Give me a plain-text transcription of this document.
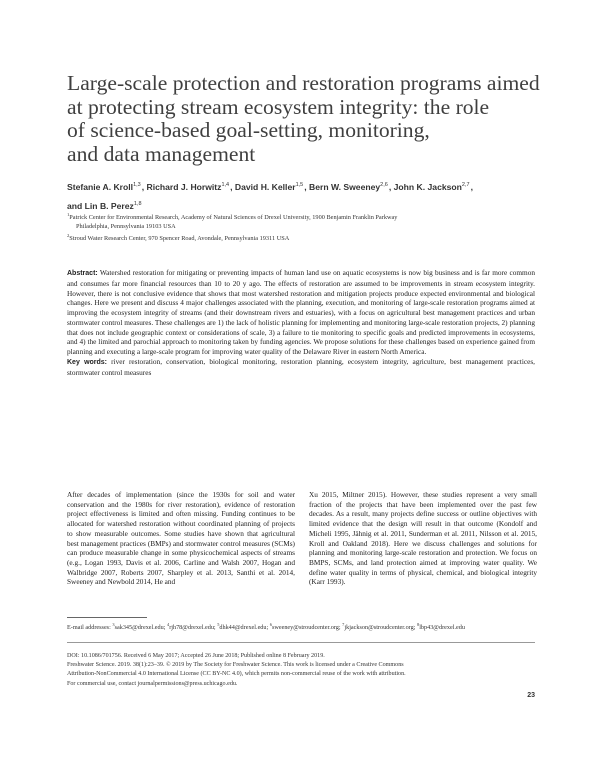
Large-scale protection and restoration programs aimed
at protecting stream ecosystem integrity: the role
of science-based goal-setting, monitoring,
and data management
Stefanie A. Kroll$^{1,3}$, Richard J. Horwitz$^{1,4}$, David H. Keller$^{1,5}$, Bern W. Sweeney$^{2,6}$, John K. Jackson$^{2,7}$,
and Lin B. Perez$^{1,8}$
$^1$Patrick Center for Environmental Research, Academy of Natural Sciences of Drexel University, 1900 Benjamin Franklin Parkway
Philadelphia, Pennsylvania 19103 USA
$^2$Stroud Water Research Center, 970 Spencer Road, Avondale, Pennsylvania 19311 USA
Abstract: Watershed restoration for mitigating or preventing impacts of human land use on aquatic ecosystems is now big business and is far more common and consumes far more financial resources than 10 to 20 y ago. The effects of restoration are assumed to be improvements in stream ecosystem integrity. However, there is not conclusive evidence that shows that most watershed restoration and mitigation projects produce expected environmental and biological changes. Here we present and discuss 4 major challenges associated with the planning, execution, and monitoring of large-scale restoration programs aimed at improving the ecosystem integrity of streams (and their downstream rivers and estuaries), with a focus on agricultural best management practices and urban stormwater control measures. These challenges are 1) the lack of holistic planning for implementing and monitoring large-scale restoration projects, 2) planning that does not include geographic context or considerations of scale, 3) a failure to tie monitoring to specific goals and predicted improvements in ecosystems, and 4) the limited and parochial approach to monitoring taken by funding agencies. We propose solutions for these challenges based on experience gained from planning and executing a large-scale program for improving water quality of the Delaware River in eastern North America.
Key words: river restoration, conservation, biological monitoring, restoration planning, ecosystem integrity, agriculture, best management practices, stormwater control measures
After decades of implementation (since the 1930s for soil and water conservation and the 1980s for river restoration), evidence of restoration project effectiveness is limited and often missing. Funding continues to be allocated for watershed restoration without coordinated planning of projects to show measurable outcomes. Some studies have shown that agricultural best management practices (BMPs) and stormwater control measures (SCMs) can produce measurable change in some physicochemical aspects of streams (e.g., Logan 1993, Davis et al. 2006, Carline and Walsh 2007, Hogan and Walbridge 2007, Roberts 2007, Sharpley et al. 2013, Santhi et al. 2014, Sweeney and Newbold 2014, He and
Xu 2015, Miltner 2015). However, these studies represent a very small fraction of the projects that have been implemented over the past few decades. As a result, many projects define success or outline objectives with limited evidence that the design will result in that outcome (Kondolf and Micheli 1995, Jähnig et al. 2011, Sunderman et al. 2011, Nilsson et al. 2015, Kroll and Oakland 2018). Here we discuss challenges and solutions for planning and monitoring large-scale restoration and protection. We focus on BMPS, SCMs, and land protection aimed at improving water quality. We define water quality in terms of physical, chemical, and biological integrity (Karr 1993).
E-mail addresses: $^3$sak345@drexel.edu; $^4$rjh78@drexel.edu; $^5$dhk44@drexel.edu; $^6$sweeney@stroudcenter.org; $^7$jkjackson@stroudcenter.org; $^8$lbp43@drexel.edu
DOI: 10.1086/701756. Received 6 May 2017; Accepted 26 June 2018; Published online 8 February 2019.
Freshwater Science. 2019. 38(1):23–39. © 2019 by The Society for Freshwater Science. This work is licensed under a Creative Commons
Attribution-NonCommercial 4.0 International License (CC BY-NC 4.0), which permits non-commercial reuse of the work with attribution.
For commercial use, contact journalpermissions@press.uchicago.edu.
23
